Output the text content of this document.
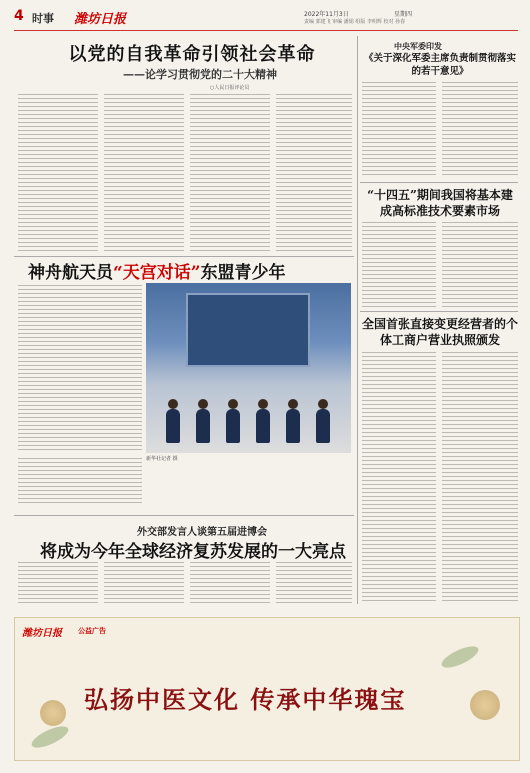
4 时事 潍坊日报	2022年11月3日	星期四
责编 郭建飞 审编 潘娟 组版 李明辉 校对 孙春
以党的自我革命引领社会革命
——论学习贯彻党的二十大精神
○人民日报评论员
神舟航天员“天宫对话”东盟青少年
新华社记者 摄
外交部发言人谈第五届进博会
将成为今年全球经济复苏发展的一大亮点
中央军委印发
《关于深化军委主席负责制贯彻落实的若干意见》
“十四五”期间我国将基本建成高标准技术要素市场
全国首张直接变更经营者的个体工商户营业执照颁发
潍坊日报 公益广告
弘扬中医文化 传承中华瑰宝
